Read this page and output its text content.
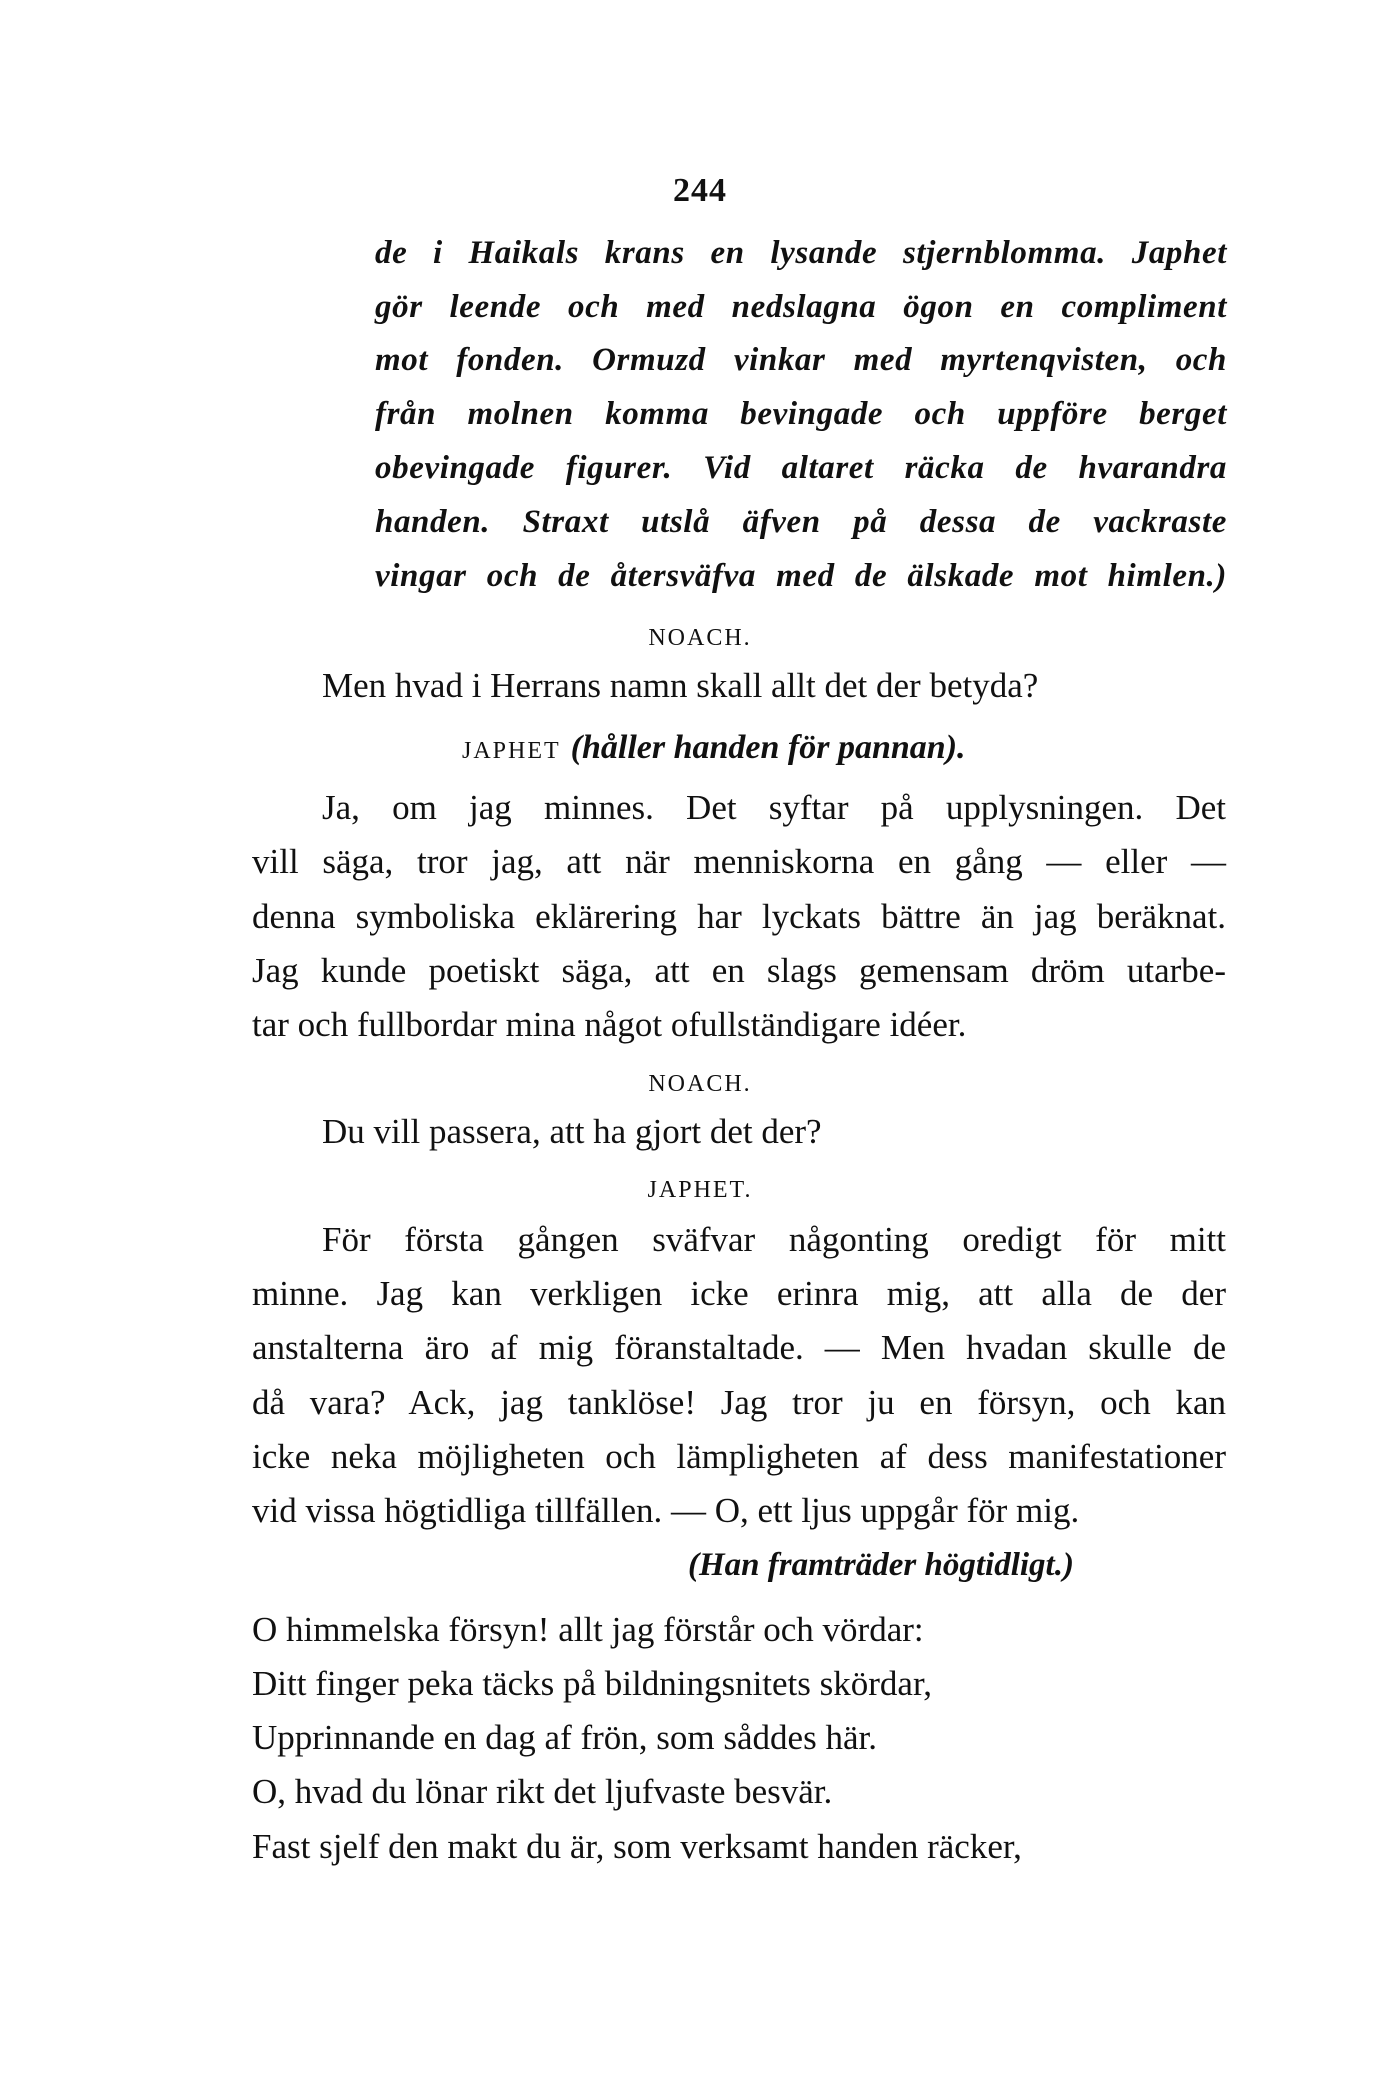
244
de i Haikals krans en lysande stjernblomma. Japhet
gör leende och med nedslagna ögon en compliment
mot fonden. Ormuzd vinkar med myrtenqvisten, och
från molnen komma bevingade och uppföre berget
obevingade figurer. Vid altaret räcka de hvarandra
handen. Straxt utslå äfven på dessa de vackraste
vingar och de återsväfva med de älskade mot himlen.)
NOACH.
Men hvad i Herrans namn skall allt det der betyda?
JAPHET (håller handen för pannan).
Ja, om jag minnes. Det syftar på upplysningen. Det
vill säga, tror jag, att när menniskorna en gång — eller —
denna symboliska eklärering har lyckats bättre än jag beräknat.
Jag kunde poetiskt säga, att en slags gemensam dröm utarbe-
tar och fullbordar mina något ofullständigare idéer.
NOACH.
Du vill passera, att ha gjort det der?
JAPHET.
För första gången sväfvar någonting oredigt för mitt
minne. Jag kan verkligen icke erinra mig, att alla de der
anstalterna äro af mig föranstaltade. — Men hvadan skulle de
då vara? Ack, jag tanklöse! Jag tror ju en försyn, och kan
icke neka möjligheten och lämpligheten af dess manifestationer
vid vissa högtidliga tillfällen. — O, ett ljus uppgår för mig.
(Han framträder högtidligt.)
O himmelska försyn! allt jag förstår och vördar:
Ditt finger peka täcks på bildningsnitets skördar,
Upprinnande en dag af frön, som såddes här.
O, hvad du lönar rikt det ljufvaste besvär.
Fast sjelf den makt du är, som verksamt handen räcker,
